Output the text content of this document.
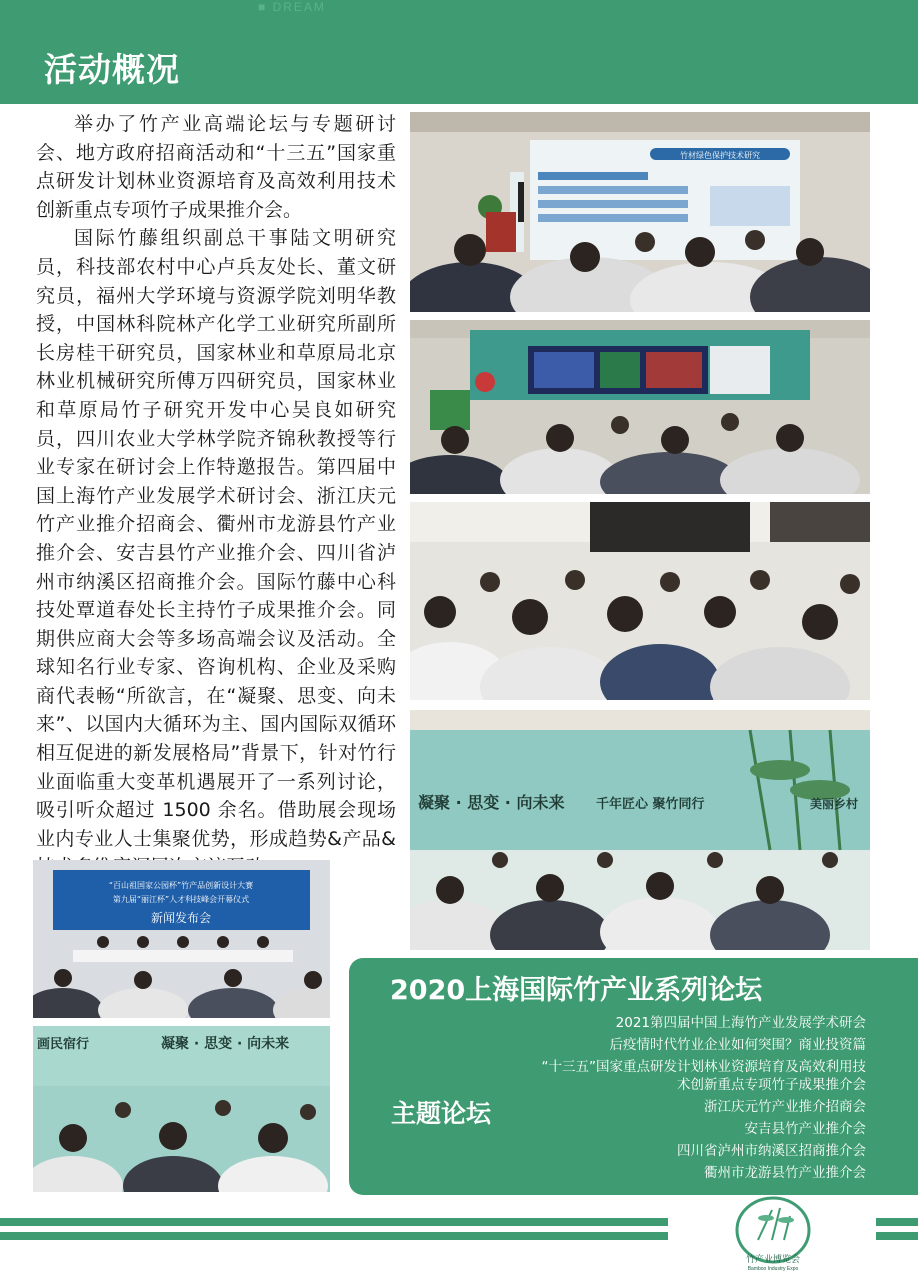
■ DREAM
活动概况

举办了竹产业高端论坛与专题研讨会、地方政府招商活动和“十三五”国家重点研发计划林业资源培育及高效利用技术创新重点专项竹子成果推介会。

国际竹藤组织副总干事陆文明研究员，科技部农村中心卢兵友处长、董文研究员，福州大学环境与资源学院刘明华教授，中国林科院林产化学工业研究所副所长房桂干研究员，国家林业和草原局北京林业机械研究所傅万四研究员，国家林业和草原局竹子研究开发中心吴良如研究员，四川农业大学林学院齐锦秋教授等行业专家在研讨会上作特邀报告。第四届中国上海竹产业发展学术研讨会、浙江庆元竹产业推介招商会、衢州市龙游县竹产业推介会、安吉县竹产业推介会、四川省泸州市纳溪区招商推介会。国际竹藤中心科技处覃道春处长主持竹子成果推介会。同期供应商大会等多场高端会议及活动。全球知名行业专家、咨询机构、企业及采购商代表畅“所欲言，在“凝聚、思变、向未来”、以国内大循环为主、国内国际双循环相互促进的新发展格局”背景下，针对竹行业面临重大变革机遇展开了一系列讨论，吸引听众超过 1500 余名。借助展会现场业内专业人士集聚优势，形成趋势&产品&

竹材绿色保护技术研究
凝聚 · 思变 · 向未来 千年匠心 聚竹同行	美丽乡村
“百山祖国家公园杯”竹产品创新设计大赛
第九届“丽江杯”人才科技峰会开幕仪式
新闻发布会
画民宿行	凝聚 · 思变 · 向未来
2020上海国际竹产业系列论坛
主题论坛
2021第四届中国上海竹产业发展学术研会
后疫情时代竹业企业如何突围？商业投资篇
“十三五”国家重点研发计划林业资源培育及高效利用技术创新重点专项竹子成果推介会
浙江庆元竹产业推介招商会
安吉县竹产业推介会
四川省泸州市纳溪区招商推介会
衢州市龙游县竹产业推介会
竹产业博览会
Bamboo Industry Expo
